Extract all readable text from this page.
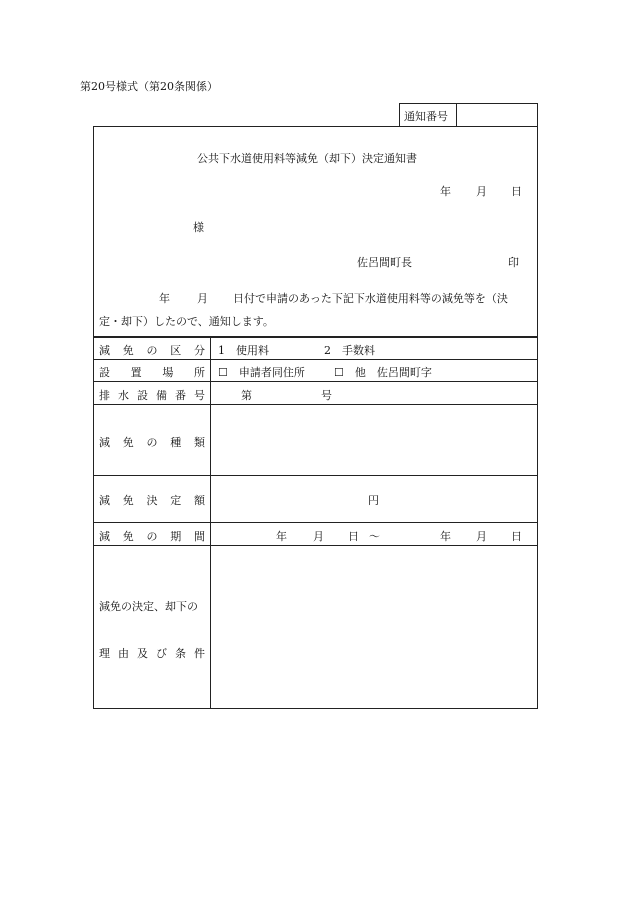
第20号様式（第20条関係）
通知番号
公共下水道使用料等減免（却下）決定通知書
年 月 日
様
佐呂間町長	印
年 月 日付で申請のあった下記下水道使用料等の減免等を（決
定・却下）したので、通知します。
減 免 の 区 分 1　使用料	2　手数料
設 置 場 所 ☐　申請者同住所	☐　他　佐呂間町字
排 水 設 備 番 号	第	号
減 免 の 種 類
減 免 決 定 額	円
減 免 の 期 間	年 月 日 ～	年 月 日
減免の決定、却下の
理 由 及 び 条 件
